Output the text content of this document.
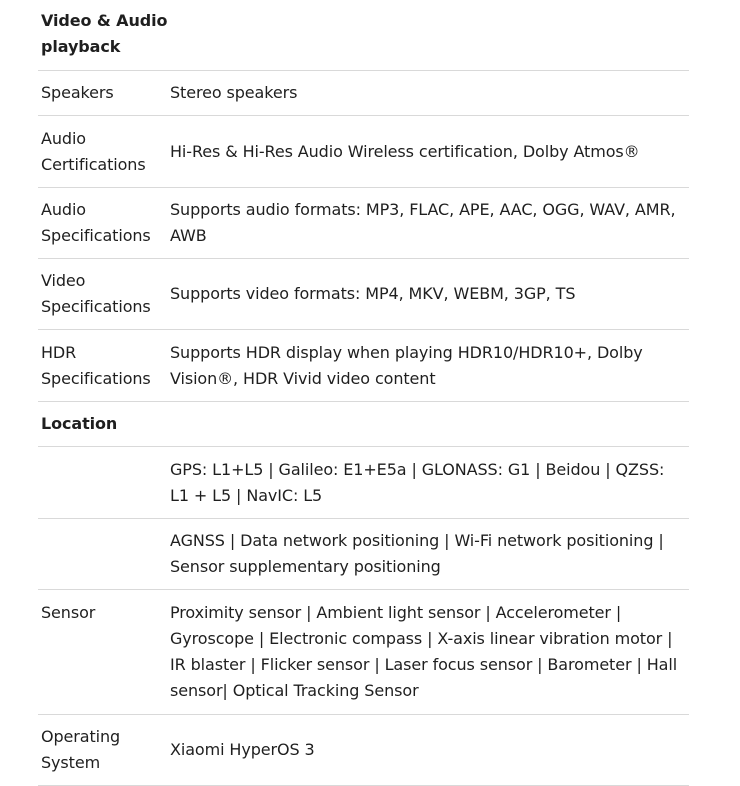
Video & Audio playback
Speakers	Stereo speakers
Audio Certifications
Hi-Res & Hi-Res Audio Wireless certification, Dolby Atmos®
Audio Specifications
Supports audio formats: MP3, FLAC, APE, AAC, OGG, WAV, AMR, AWB
Video Specifications
Supports video formats: MP4, MKV, WEBM, 3GP, TS
HDR Specifications
Supports HDR display when playing HDR10/HDR10+, Dolby Vision®, HDR Vivid video content
Location
GPS: L1+L5 | Galileo: E1+E5a | GLONASS: G1 | Beidou | QZSS: L1 + L5 | NavIC: L5
AGNSS | Data network positioning | Wi-Fi network positioning | Sensor supplementary positioning
Sensor	Proximity sensor | Ambient light sensor | Accelerometer | Gyroscope | Electronic compass | X-axis linear vibration motor | IR blaster | Flicker sensor | Laser focus sensor | Barometer | Hall sensor| Optical Tracking Sensor
Operating System
Xiaomi HyperOS 3
